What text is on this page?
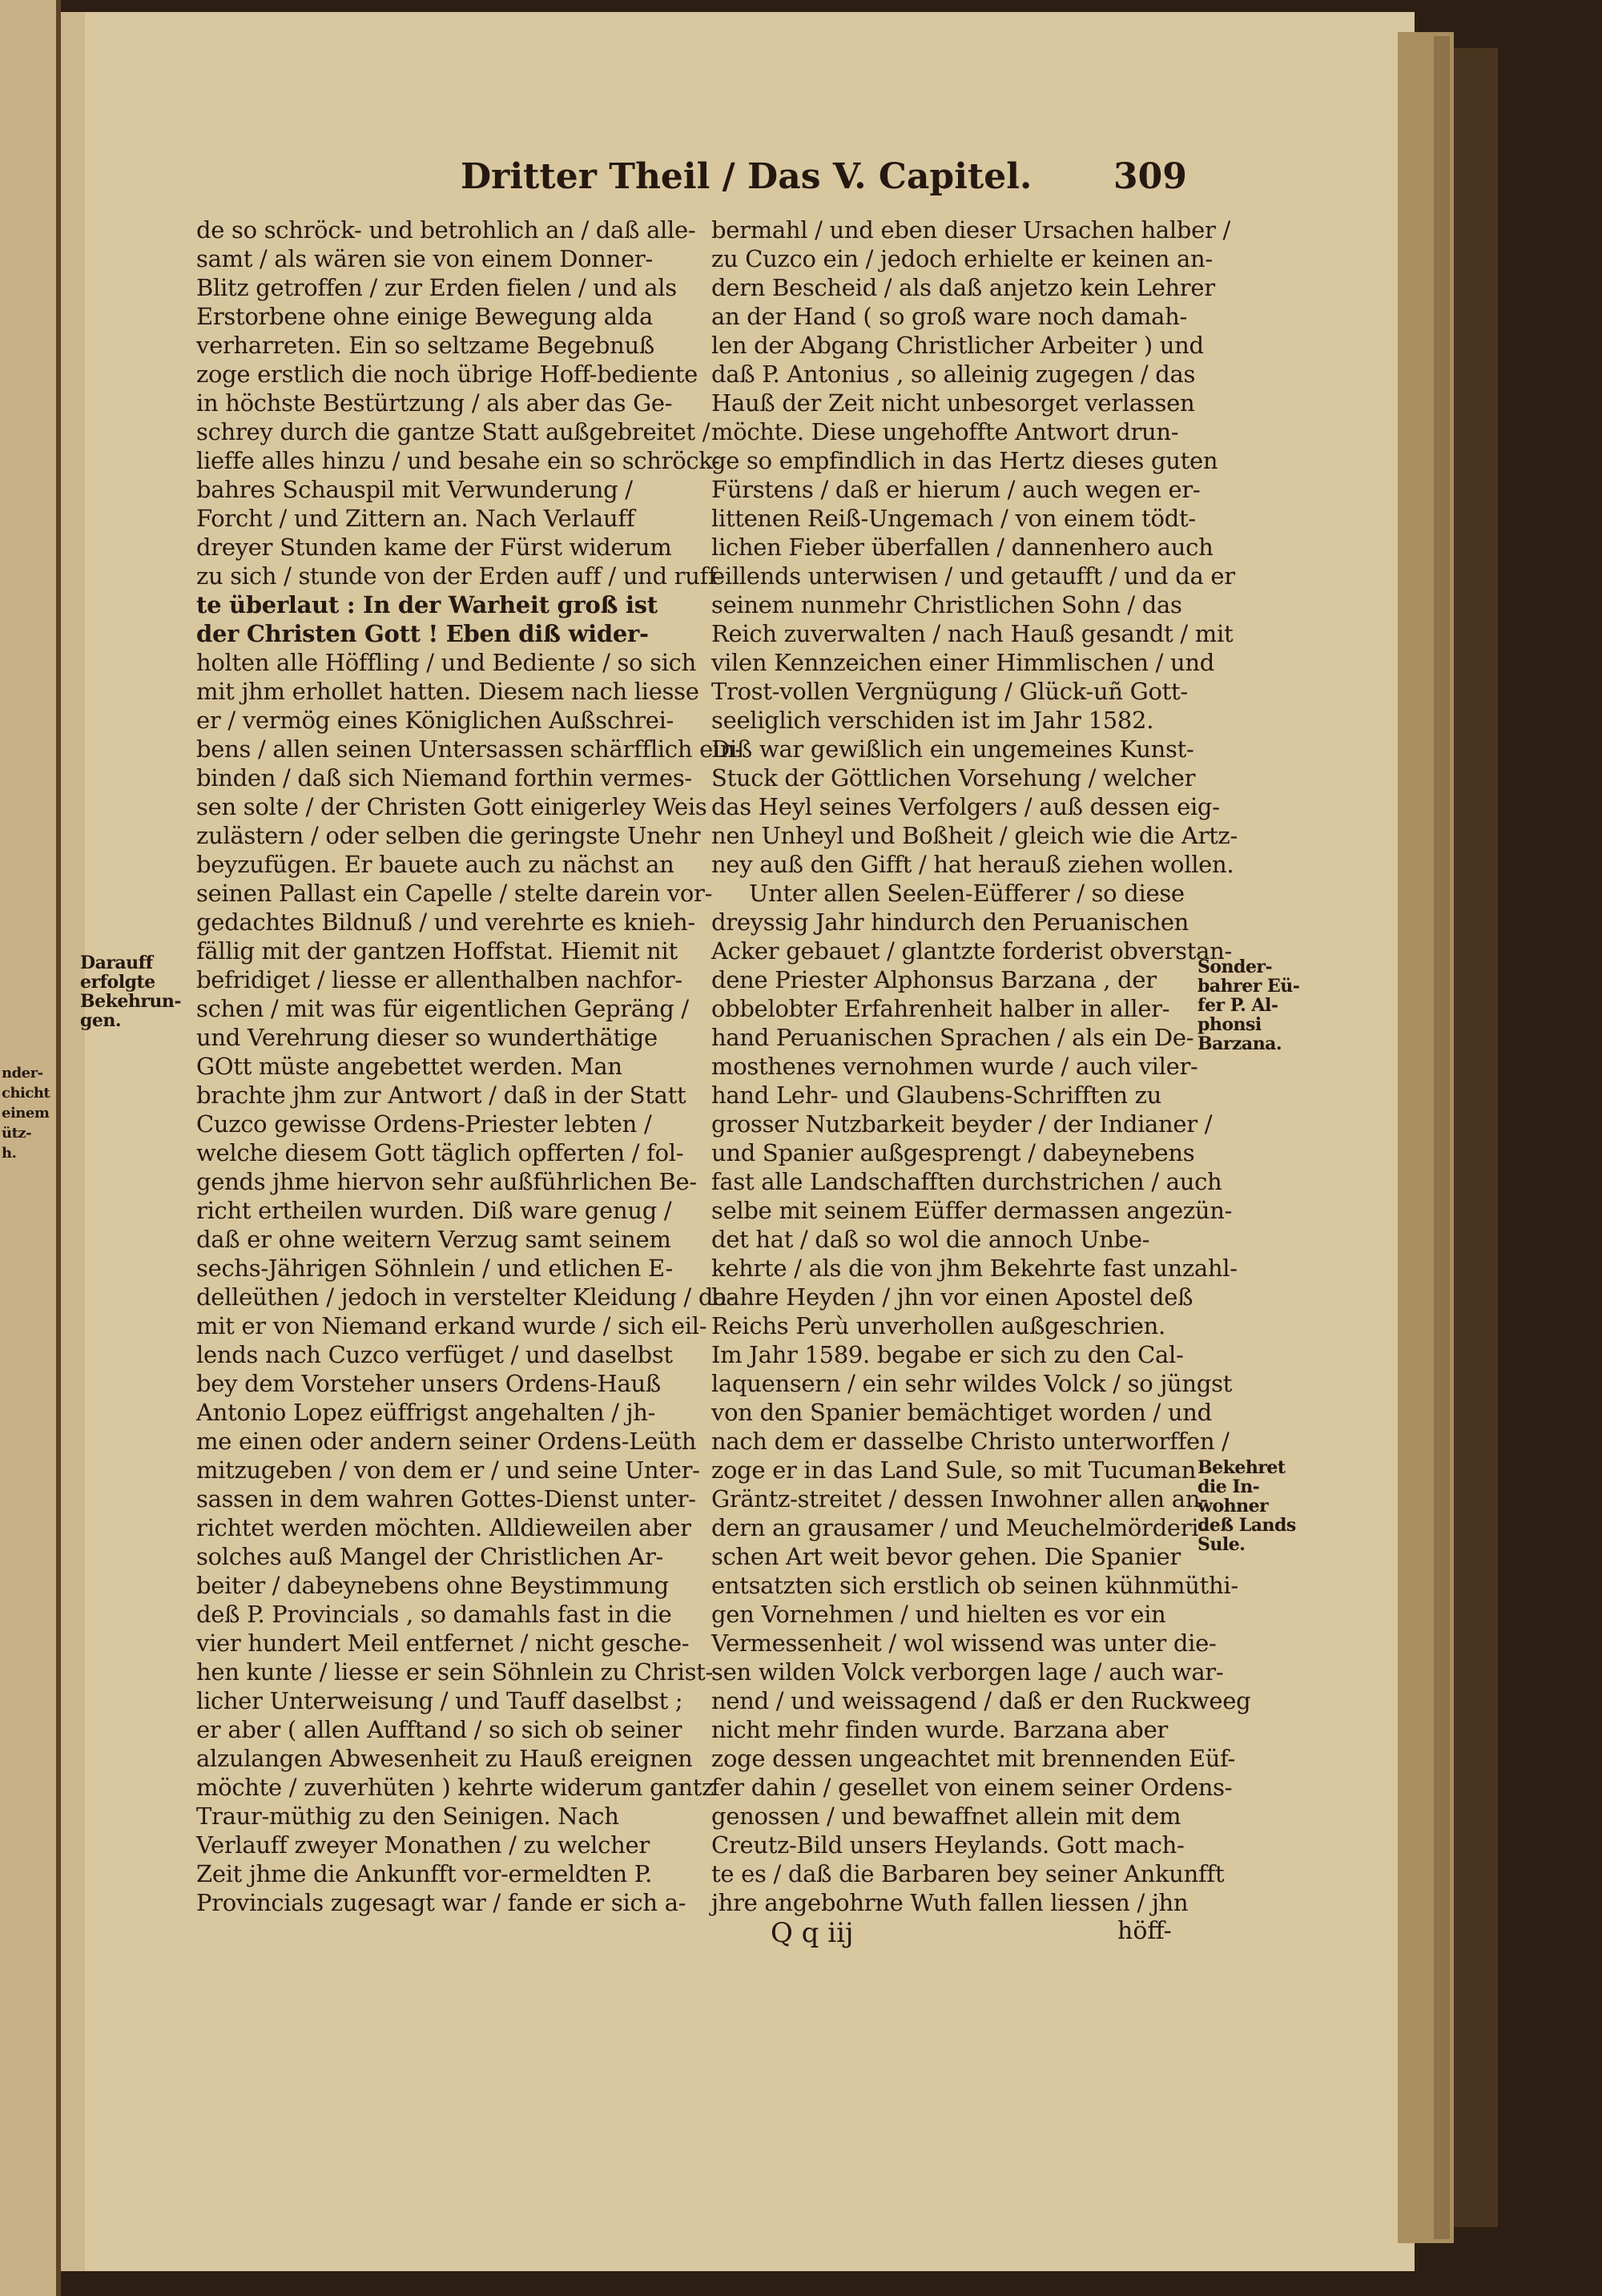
Dritter Theil / Das V. Capitel. 309
de so schröck- und betrohlich an / daß alle-
samt / als wären sie von einem Donner-
Blitz getroffen / zur Erden fielen / und als
Erstorbene ohne einige Bewegung alda
verharreten. Ein so seltzame Begebnuß
zoge erstlich die noch übrige Hoff-bediente
in höchste Bestürtzung / als aber das Ge-
schrey durch die gantze Statt außgebreitet /
lieffe alles hinzu / und besahe ein so schröck-
bahres Schauspil mit Verwunderung /
Forcht / und Zittern an. Nach Verlauff
dreyer Stunden kame der Fürst widerum
zu sich / stunde von der Erden auff / und ruff-
te überlaut : In der Warheit groß ist
der Christen Gott ! Eben diß wider-
holten alle Höffling / und Bediente / so sich
mit jhm erhollet hatten. Diesem nach liesse
er / vermög eines Königlichen Außschrei-
bens / allen seinen Untersassen schärfflich ein-
binden / daß sich Niemand forthin vermes-
sen solte / der Christen Gott einigerley Weis
zulästern / oder selben die geringste Unehr
beyzufügen. Er bauete auch zu nächst an
seinen Pallast ein Capelle / stelte darein vor-
gedachtes Bildnuß / und verehrte es knieh-
fällig mit der gantzen Hoffstat. Hiemit nit
befridiget / liesse er allenthalben nachfor-
schen / mit was für eigentlichen Gepräng /
und Verehrung dieser so wunderthätige
GOtt müste angebettet werden. Man
brachte jhm zur Antwort / daß in der Statt
Cuzco gewisse Ordens-Priester lebten /
welche diesem Gott täglich opfferten / fol-
gends jhme hiervon sehr außführlichen Be-
richt ertheilen wurden. Diß ware genug /
daß er ohne weitern Verzug samt seinem
sechs-Jährigen Söhnlein / und etlichen E-
delleüthen / jedoch in verstelter Kleidung / da-
mit er von Niemand erkand wurde / sich eil-
lends nach Cuzco verfüget / und daselbst
bey dem Vorsteher unsers Ordens-Hauß
Antonio Lopez eüffrigst angehalten / jh-
me einen oder andern seiner Ordens-Leüth
mitzugeben / von dem er / und seine Unter-
sassen in dem wahren Gottes-Dienst unter-
richtet werden möchten. Alldieweilen aber
solches auß Mangel der Christlichen Ar-
beiter / dabeynebens ohne Beystimmung
deß P. Provincials , so damahls fast in die
vier hundert Meil entfernet / nicht gesche-
hen kunte / liesse er sein Söhnlein zu Christ-
licher Unterweisung / und Tauff daselbst ;
er aber ( allen Aufftand / so sich ob seiner
alzulangen Abwesenheit zu Hauß ereignen
möchte / zuverhüten ) kehrte widerum gantz
Traur-müthig zu den Seinigen. Nach
Verlauff zweyer Monathen / zu welcher
Zeit jhme die Ankunfft vor-ermeldten P.
Provincials zugesagt war / fande er sich a-
bermahl / und eben dieser Ursachen halber /
zu Cuzco ein / jedoch erhielte er keinen an-
dern Bescheid / als daß anjetzo kein Lehrer
an der Hand ( so groß ware noch damah-
len der Abgang Christlicher Arbeiter ) und
daß P. Antonius , so alleinig zugegen / das
Hauß der Zeit nicht unbesorget verlassen
möchte. Diese ungehoffte Antwort drun-
ge so empfindlich in das Hertz dieses guten
Fürstens / daß er hierum / auch wegen er-
littenen Reiß-Ungemach / von einem tödt-
lichen Fieber überfallen / dannenhero auch
eillends unterwisen / und getaufft / und da er
seinem nunmehr Christlichen Sohn / das
Reich zuverwalten / nach Hauß gesandt / mit
vilen Kennzeichen einer Himmlischen / und
Trost-vollen Vergnügung / Glück-uñ Gott-
seeliglich verschiden ist im Jahr 1582.
Diß war gewißlich ein ungemeines Kunst-
Stuck der Göttlichen Vorsehung / welcher
das Heyl seines Verfolgers / auß dessen eig-
nen Unheyl und Boßheit / gleich wie die Artz-
ney auß den Gifft / hat herauß ziehen wollen.
Unter allen Seelen-Eüfferer / so diese
dreyssig Jahr hindurch den Peruanischen
Acker gebauet / glantzte forderist obverstan-
dene Priester Alphonsus Barzana , der
obbelobter Erfahrenheit halber in aller-
hand Peruanischen Sprachen / als ein De-
mosthenes vernohmen wurde / auch viler-
hand Lehr- und Glaubens-Schrifften zu
grosser Nutzbarkeit beyder / der Indianer /
und Spanier außgesprengt / dabeynebens
fast alle Landschafften durchstrichen / auch
selbe mit seinem Eüffer dermassen angezün-
det hat / daß so wol die annoch Unbe-
kehrte / als die von jhm Bekehrte fast unzahl-
bahre Heyden / jhn vor einen Apostel deß
Reichs Perù unverhollen außgeschrien.
Im Jahr 1589. begabe er sich zu den Cal-
laquensern / ein sehr wildes Volck / so jüngst
von den Spanier bemächtiget worden / und
nach dem er dasselbe Christo unterworffen /
zoge er in das Land Sule, so mit Tucuman
Gräntz-streitet / dessen Inwohner allen an-
dern an grausamer / und Meuchelmörderi-
schen Art weit bevor gehen. Die Spanier
entsatzten sich erstlich ob seinen kühnmüthi-
gen Vornehmen / und hielten es vor ein
Vermessenheit / wol wissend was unter die-
sen wilden Volck verborgen lage / auch war-
nend / und weissagend / daß er den Ruckweeg
nicht mehr finden wurde. Barzana aber
zoge dessen ungeachtet mit brennenden Eüf-
fer dahin / gesellet von einem seiner Ordens-
genossen / und bewaffnet allein mit dem
Creutz-Bild unsers Heylands. Gott mach-
te es / daß die Barbaren bey seiner Ankunfft
jhre angebohrne Wuth fallen liessen / jhn
Darauff
erfolgte
Bekehrun-
gen.
Sonder-
bahrer Eü-
fer P. Al-
phonsi
Barzana.
Bekehret
die In-
wohner
deß Lands
Sule.
nder-
chicht
einem
ütz-
h.
Q q iij	höff-
